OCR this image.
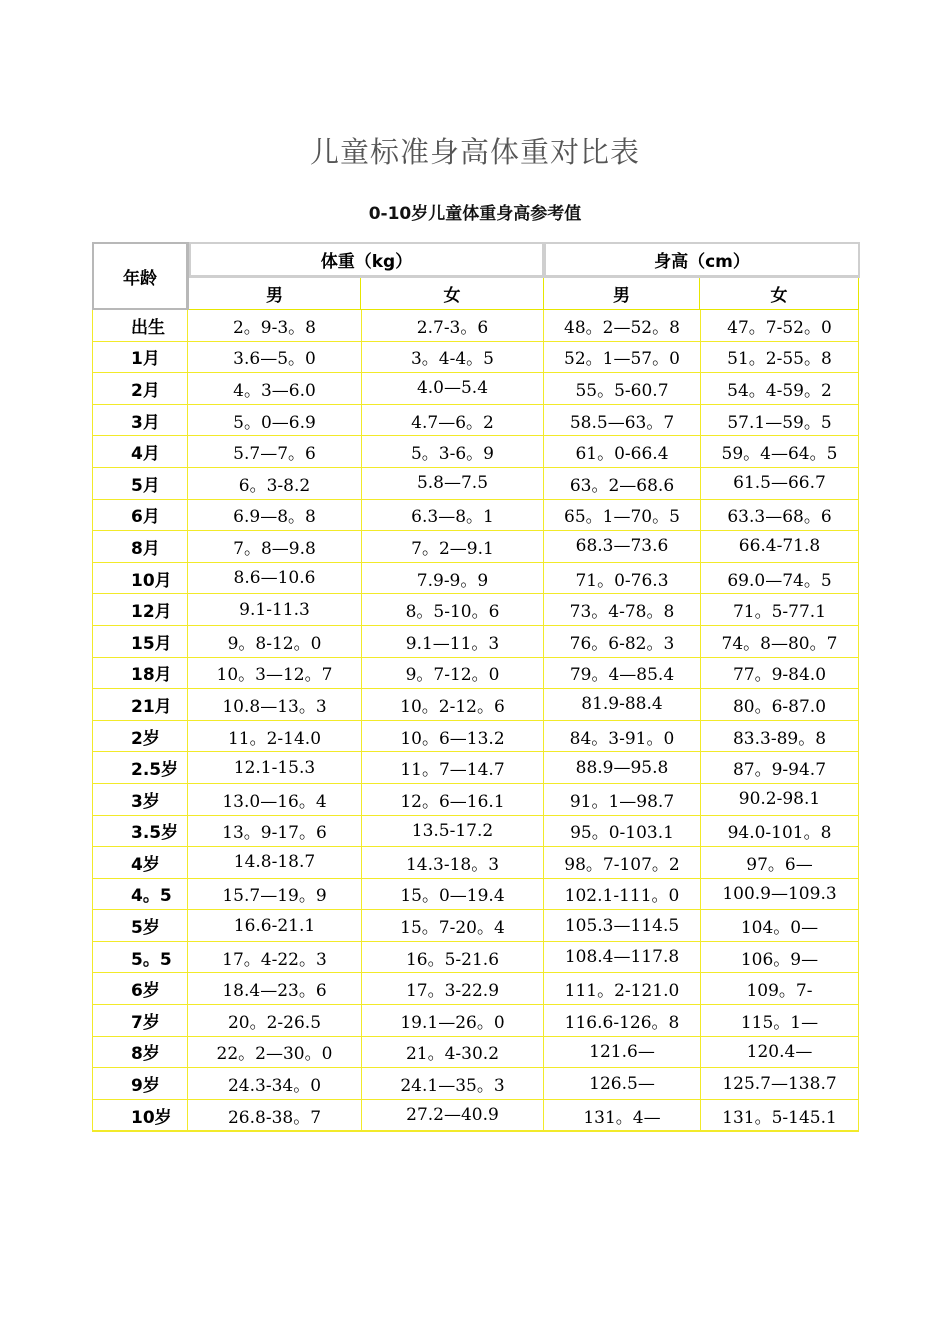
儿童标准身高体重对比表
0-10岁儿童体重身高参考值
年龄
体重（kg）	身高（cm）
男	女	男	女
出生	2。9-3。8	2.7-3。6	48。2—52。8	47。7-52。0
1月	3.6—5。0	3。4-4。5	52。1—57。0	51。2-55。8
2月	4。3—6.0	4.0—5.4	55。5-60.7	54。4-59。2
3月	5。0—6.9	4.7—6。2	58.5—63。7	57.1—59。5
4月	5.7—7。6	5。3-6。9	61。0-66.4	59。4—64。5
5月	6。3-8.2	5.8—7.5	63。2—68.6	61.5—66.7
6月	6.9—8。8	6.3—8。1	65。1—70。5	63.3—68。6
8月	7。8—9.8	7。2—9.1	68.3—73.6	66.4-71.8
10月	8.6—10.6	7.9-9。9	71。0-76.3	69.0—74。5
12月	9.1-11.3	8。5-10。6	73。4-78。8	71。5-77.1
15月	9。8-12。0	9.1—11。3	76。6-82。3	74。8—80。7
18月	10。3—12。7	9。7-12。0	79。4—85.4	77。9-84.0
21月	10.8—13。3	10。2-12。6	81.9-88.4	80。6-87.0
2岁	11。2-14.0	10。6—13.2	84。3-91。0	83.3-89。8
2.5岁	12.1-15.3	11。7—14.7	88.9—95.8	87。9-94.7
3岁	13.0—16。4	12。6—16.1	91。1—98.7	90.2-98.1
3.5岁	13。9-17。6	13.5-17.2	95。0-103.1	94.0-101。8
4岁	14.8-18.7	14.3-18。3	98。7-107。2	97。6—
4。5	15.7—19。9	15。0—19.4	102.1-111。0	100.9—109.3
5岁	16.6-21.1	15。7-20。4	105.3—114.5	104。0—
5。5	17。4-22。3	16。5-21.6	108.4—117.8	106。9—
6岁	18.4—23。6	17。3-22.9	111。2-121.0	109。7-
7岁	20。2-26.5	19.1—26。0	116.6-126。8	115。1—
8岁	22。2—30。0	21。4-30.2	121.6—	120.4—
9岁	24.3-34。0	24.1—35。3	126.5—	125.7—138.7
10岁	26.8-38。7	27.2—40.9	131。4—	131。5-145.1
